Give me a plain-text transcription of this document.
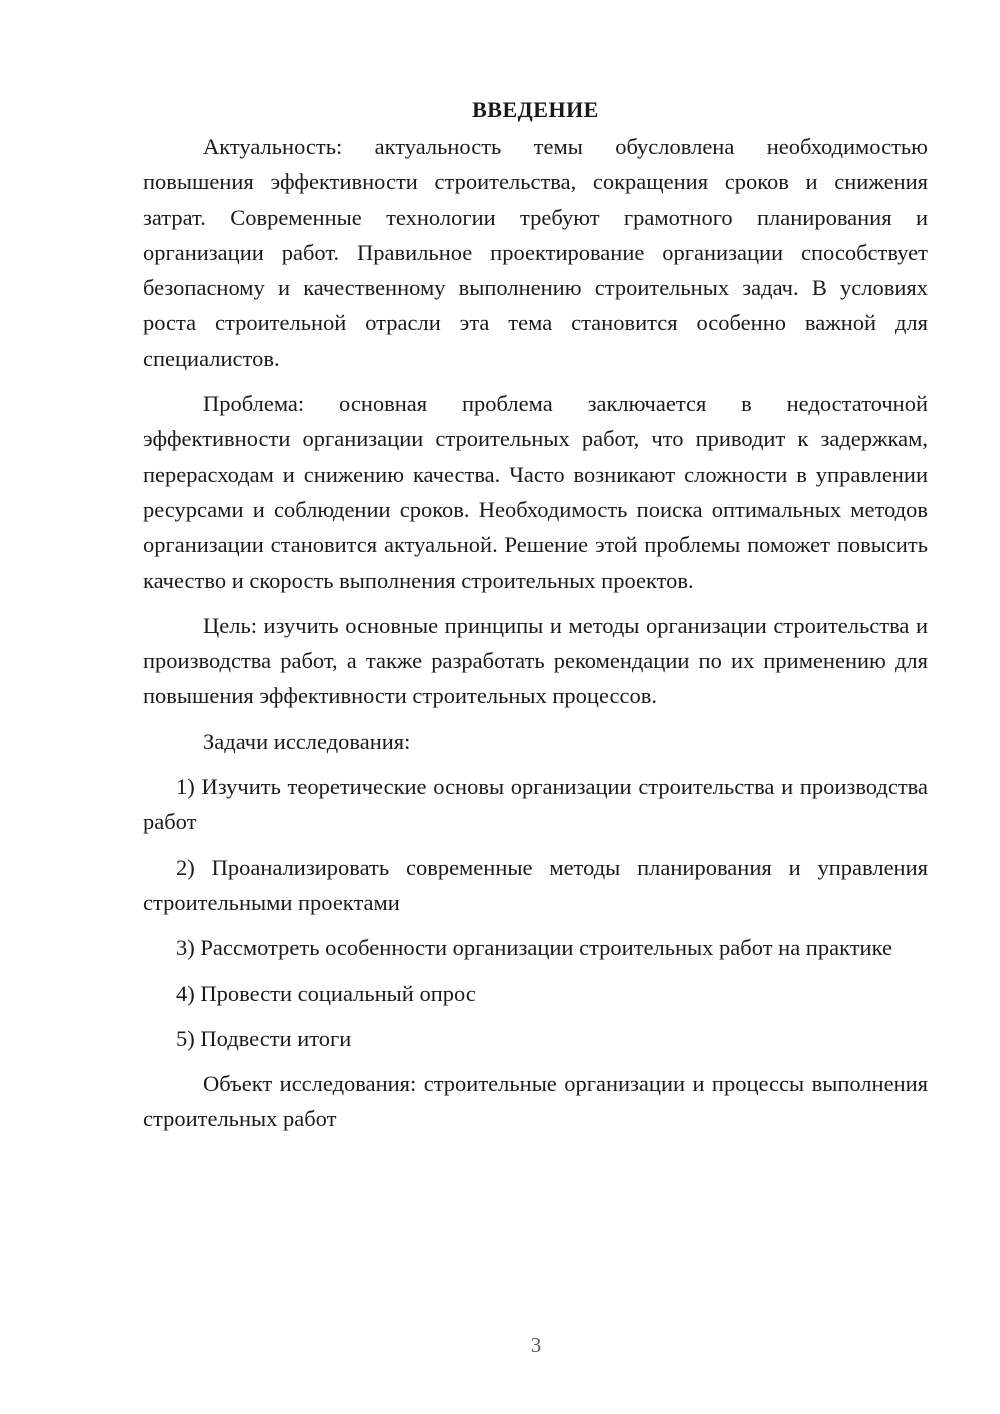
ВВЕДЕНИЕ

Актуальность: актуальность темы обусловлена необходимостью повышения эффективности строительства, сокращения сроков и снижения затрат. Современные технологии требуют грамотного планирования и организации работ. Правильное проектирование организации способствует безопасному и качественному выполнению строительных задач. В условиях роста строительной отрасли эта тема становится особенно важной для специалистов.

Проблема: основная проблема заключается в недостаточной эффективности организации строительных работ, что приводит к задержкам, перерасходам и снижению качества. Часто возникают сложности в управлении ресурсами и соблюдении сроков. Необходимость поиска оптимальных методов организации становится актуальной. Решение этой проблемы поможет повысить качество и скорость выполнения строительных проектов.

Цель: изучить основные принципы и методы организации строительства и производства работ, а также разработать рекомендации по их применению для повышения эффективности строительных процессов.

Задачи исследования:

1) Изучить теоретические основы организации строительства и производства работ

2) Проанализировать современные методы планирования и управления строительными проектами

3) Рассмотреть особенности организации строительных работ на практике

4) Провести социальный опрос

5) Подвести итоги

Объект исследования: строительные организации и процессы выполнения строительных работ

3
